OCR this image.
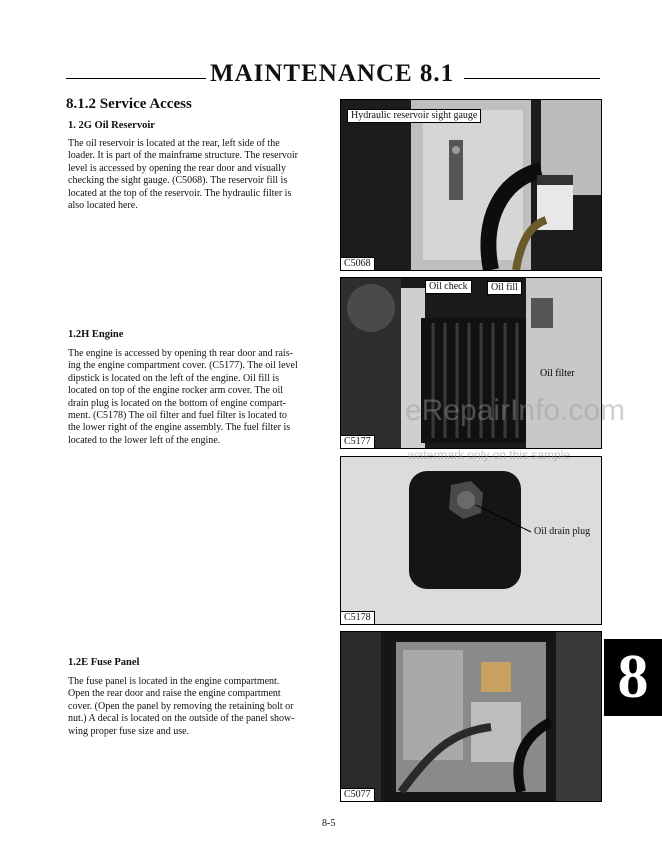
MAINTENANCE 8.1
8.1.2 Service Access
1. 2G Oil Reservoir
The oil reservoir is located at the rear, left side of the
loader. It is part of the mainframe structure. The reservoir
level is accessed by opening the rear door and visually
checking the sight gauge. (C5068). The reservoir fill is
located at the top of the reservoir. The hydraulic filter is
also located here.
1.2H Engine
The engine is accessed by opening th rear door and rais-
ing the engine compartment cover. (C5177). The oil level
dipstick is located on the left of the engine. Oil fill is
located on top of the engine rocker arm cover. The oil
drain plug is located on the bottom of engine compart-
ment. (C5178) The oil filter and fuel filter is located to
the lower right of the engine assembly. The fuel filter is
located to the lower left of the engine.
1.2E Fuse Panel
The fuse panel is located in the engine compartment.
Open the rear door and raise the engine compartment
cover. (Open the panel by removing the retaining bolt or
nut.) A decal is located on the outside of the panel show-
wing proper fuse size and use.
Hydraulic reservoir sight gauge
C5068
Oil check	Oil fill
Oil filter
C5177
Oil drain plug
C5178
C5077
eRepairInfo.com
watermark only on this sample
8
8-5
